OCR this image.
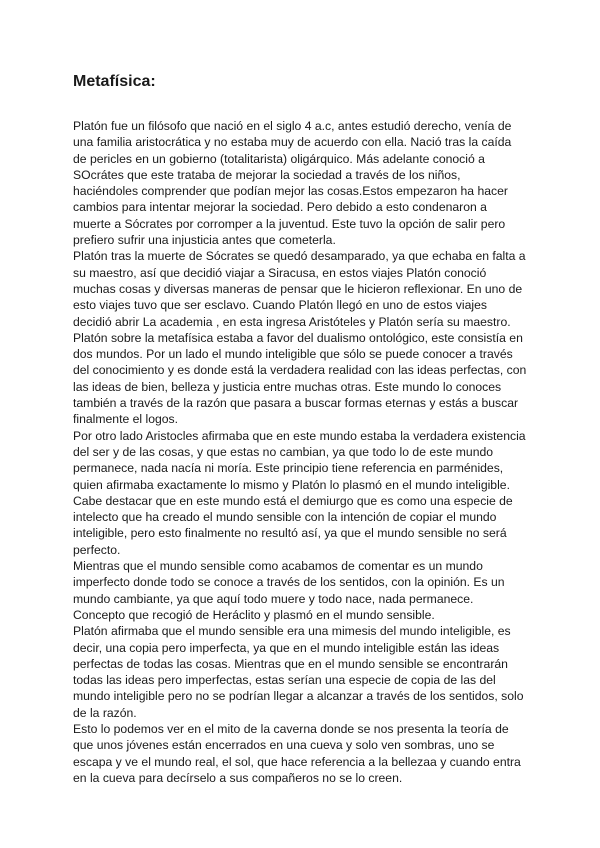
Metafísica:

Platón fue un filósofo que nació en el siglo 4 a.c, antes estudió derecho, venía de una familia aristocrática y no estaba muy de acuerdo con ella. Nació tras la caída de pericles en un gobierno (totalitarista) oligárquico. Más adelante conoció a SOcrátes que este trataba de mejorar la sociedad a través de los niños, haciéndoles comprender que podían mejor las cosas.Estos empezaron ha hacer cambios para intentar mejorar la sociedad. Pero debido a esto condenaron a muerte a Sócrates por corromper a la juventud. Este tuvo la opción de salir pero prefiero sufrir una injusticia antes que cometerla.

Platón tras la muerte de Sócrates se quedó desamparado, ya que echaba en falta a su maestro, así que decidió viajar a Siracusa, en estos viajes Platón conoció muchas cosas y diversas maneras de pensar que le hicieron reflexionar. En uno de esto viajes tuvo que ser esclavo. Cuando Platón llegó en uno de estos viajes decidió abrir La academia , en esta ingresa Aristóteles y Platón sería su maestro.

Platón sobre la metafísica estaba a favor del dualismo ontológico, este consistía en dos mundos. Por un lado el mundo inteligible que sólo se puede conocer a través del conocimiento y es donde está la verdadera realidad con las ideas perfectas, con las ideas de bien, belleza y justicia entre muchas otras. Este mundo lo conoces también a través de la razón que pasara a buscar formas eternas y estás a buscar finalmente el logos.

Por otro lado Aristocles afirmaba que en este mundo estaba la verdadera existencia del ser y de las cosas, y que estas no cambian, ya que todo lo de este mundo permanece, nada nacía ni moría. Este principio tiene referencia en parménides, quien afirmaba exactamente lo mismo y Platón lo plasmó en el mundo inteligible. Cabe destacar que en este mundo está el demiurgo que es como una especie de intelecto que ha creado el mundo sensible con la intención de copiar el mundo inteligible, pero esto finalmente no resultó así, ya que el mundo sensible no será perfecto.

Mientras que el mundo sensible como acabamos de comentar es un mundo imperfecto donde todo se conoce a través de los sentidos, con la opinión. Es un mundo cambiante, ya que aquí todo muere y todo nace, nada permanece. Concepto que recogió de Heráclito y plasmó en el mundo sensible.

Platón afirmaba que el mundo sensible era una mimesis del mundo inteligible, es decir, una copia pero imperfecta, ya que en el mundo inteligible están las ideas perfectas de todas las cosas. Mientras que en el mundo sensible se encontrarán todas las ideas pero imperfectas, estas serían una especie de copia de las del mundo inteligible pero no se podrían llegar a alcanzar a través de los sentidos, solo de la razón.

Esto lo podemos ver en el mito de la caverna donde se nos presenta la teoría de que unos jóvenes están encerrados en una cueva y solo ven sombras, uno se escapa y ve el mundo real, el sol, que hace referencia a la bellezaa y cuando entra en la cueva para decírselo a sus compañeros no se lo creen.
